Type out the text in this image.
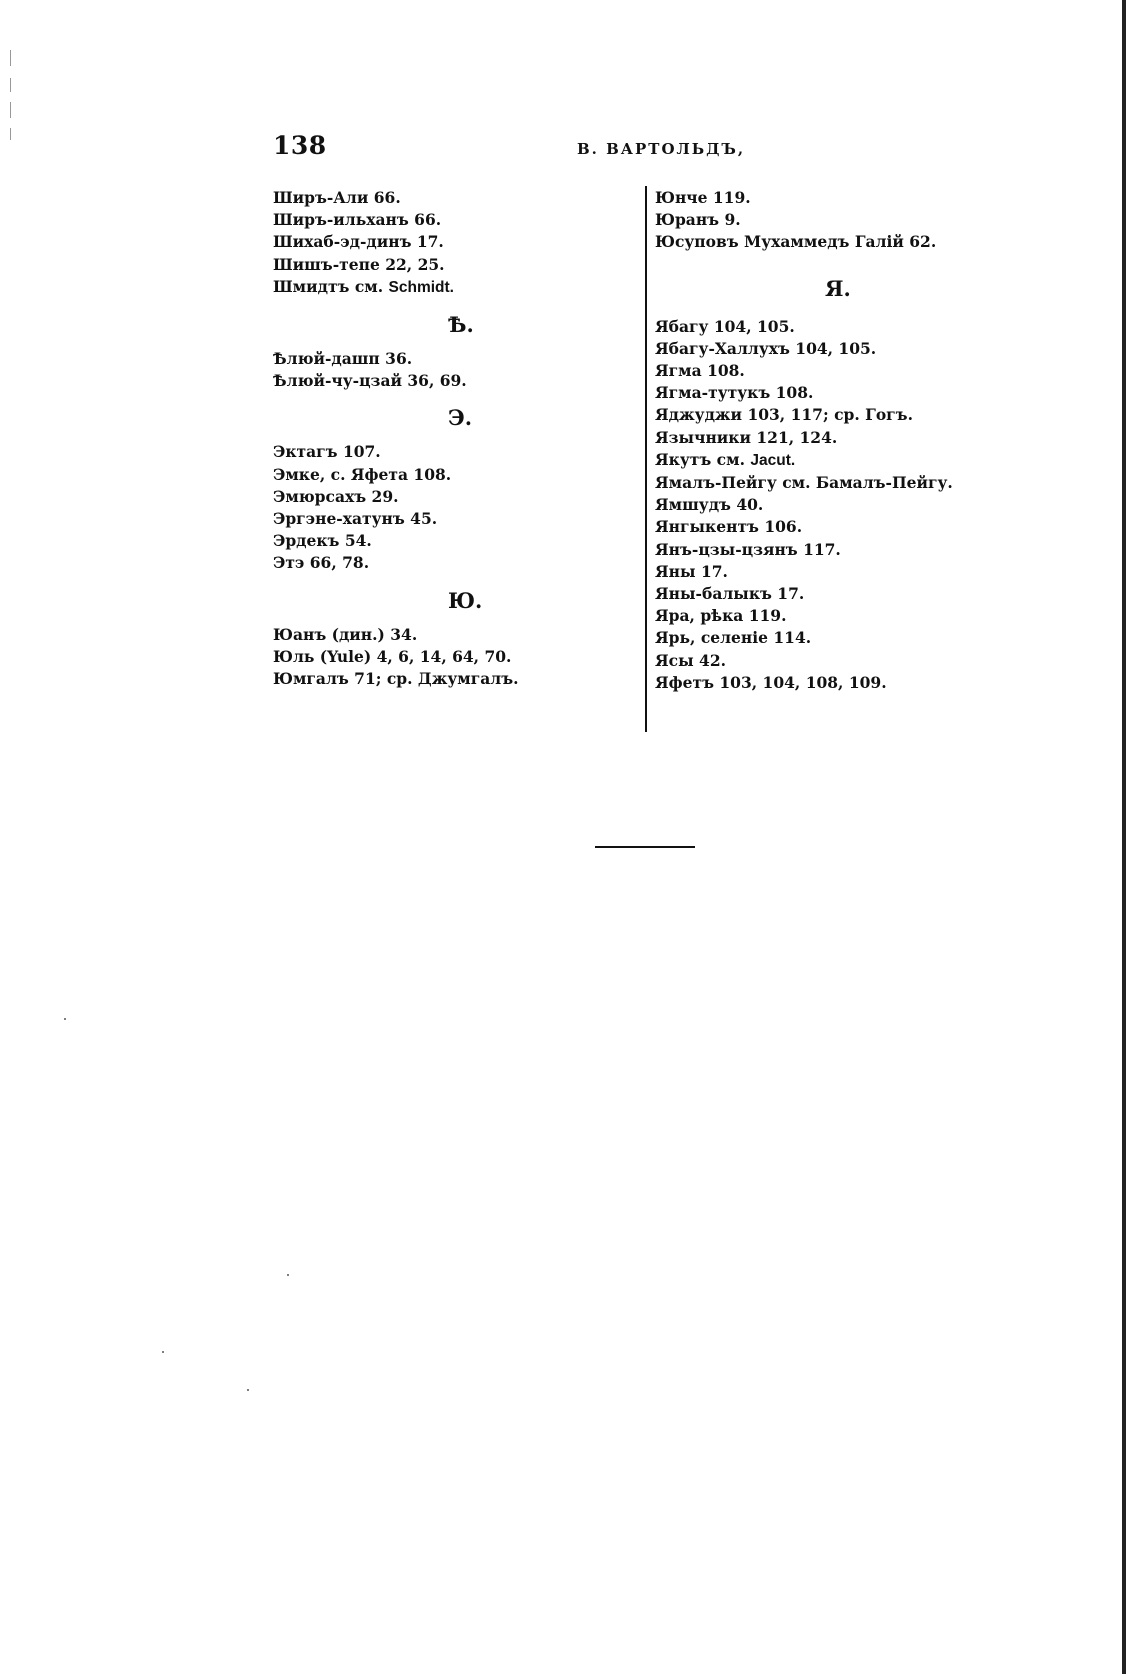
138	В. ВАРТОЛЬДЪ,
Ширъ-Али 66.
Ширъ-ильханъ 66.
Шихаб-эд-динъ 17.
Шишъ-тепе 22, 25.
Шмидтъ см. Schmidt.
Ѣ.
Ѣлюй-дашп 36.
Ѣлюй-чу-цзай 36, 69.
Э.
Эктагъ 107.
Эмке, с. Яфета 108.
Эмюрсахъ 29.
Эргэне-хатунъ 45.
Эрдекъ 54.
Этэ 66, 78.
Ю.
Юанъ (дин.) 34.
Юль (Yule) 4, 6, 14, 64, 70.
Юмгалъ 71; ср. Джумгалъ.
Юнче 119.
Юранъ 9.
Юсуповъ Мухаммедъ Галій 62.
Я.
Ябагу 104, 105.
Ябагу-Халлухъ 104, 105.
Ягма 108.
Ягма-тутукъ 108.
Яджуджи 103, 117; ср. Гогъ.
Язычники 121, 124.
Якутъ см. Jacut.
Ямалъ-Пейгу см. Бамалъ-Пейгу.
Ямшудъ 40.
Янгыкентъ 106.
Янъ-цзы-цзянъ 117.
Яны 17.
Яны-балыкъ 17.
Яра, рѣка 119.
Ярь, селеніе 114.
Ясы 42.
Яфетъ 103, 104, 108, 109.
